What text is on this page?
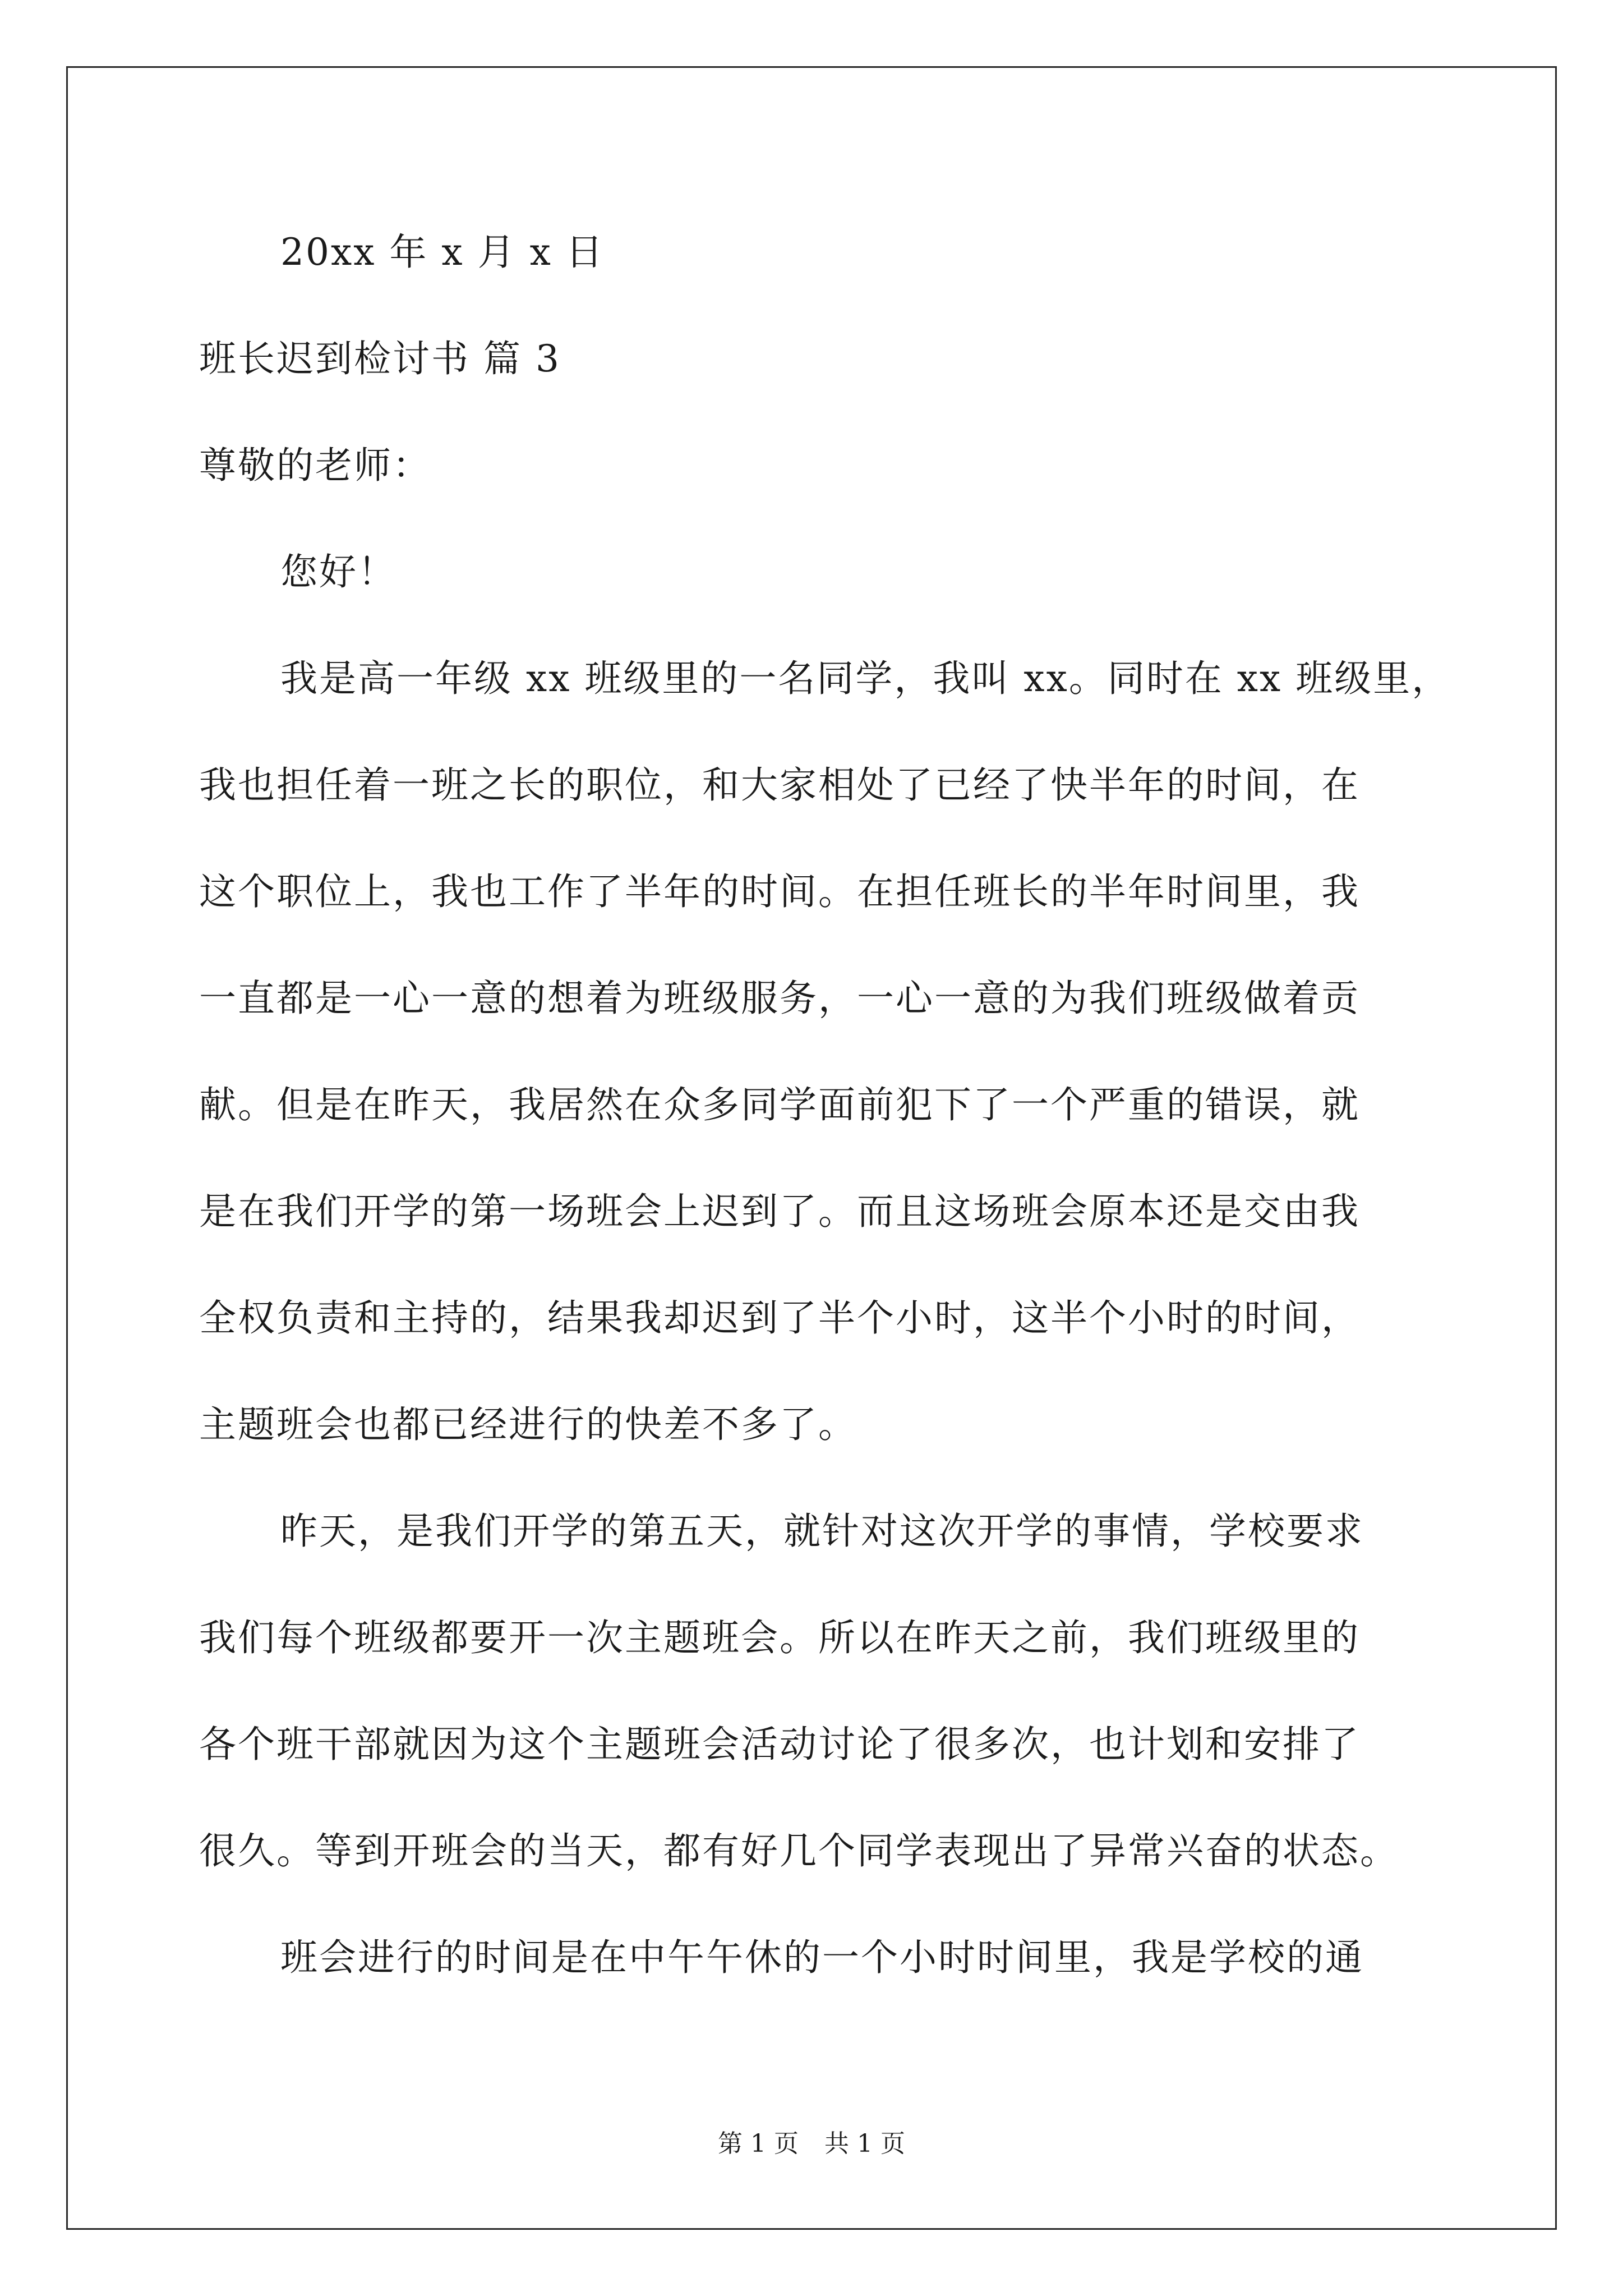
20xx 年 x 月 x 日

班长迟到检讨书 篇 3

尊敬的老师：

您好！

我是高一年级 xx 班级里的一名同学，我叫 xx。同时在 xx 班级里，

我也担任着一班之长的职位，和大家相处了已经了快半年的时间，在

这个职位上，我也工作了半年的时间。在担任班长的半年时间里，我

一直都是一心一意的想着为班级服务，一心一意的为我们班级做着贡

献。但是在昨天，我居然在众多同学面前犯下了一个严重的错误，就

是在我们开学的第一场班会上迟到了。而且这场班会原本还是交由我

全权负责和主持的，结果我却迟到了半个小时，这半个小时的时间，

主题班会也都已经进行的快差不多了。

昨天，是我们开学的第五天，就针对这次开学的事情，学校要求

我们每个班级都要开一次主题班会。所以在昨天之前，我们班级里的

各个班干部就因为这个主题班会活动讨论了很多次，也计划和安排了

很久。等到开班会的当天，都有好几个同学表现出了异常兴奋的状态。

班会进行的时间是在中午午休的一个小时时间里，我是学校的通

第 1 页 共 1 页
